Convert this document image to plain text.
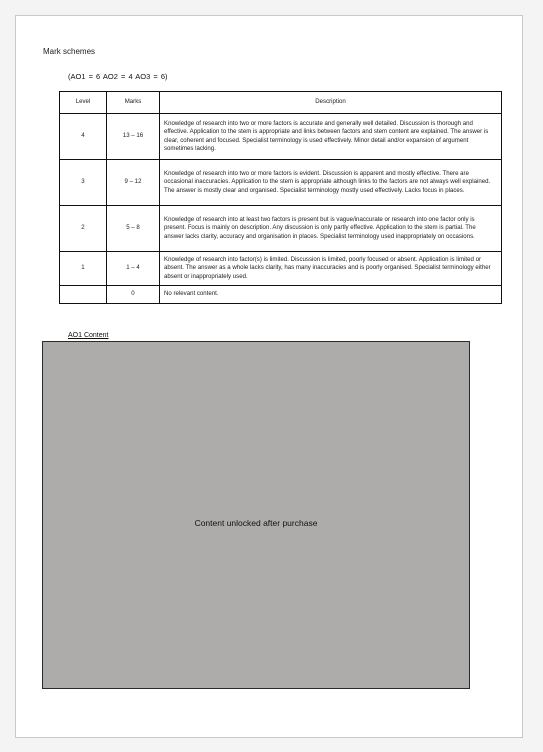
Mark schemes
(AO1 = 6 AO2 = 4 AO3 = 6)
Level	Marks	Description
4	13 – 16	Knowledge of research into two or more factors is accurate and generally well detailed. Discussion is thorough and effective. Application to the stem is appropriate and links between factors and stem content are explained. The answer is clear, coherent and focused. Specialist terminology is used effectively. Minor detail and/or expansion of argument sometimes lacking.
3	9 – 12	Knowledge of research into two or more factors is evident. Discussion is apparent and mostly effective. There are occasional inaccuracies. Application to the stem is appropriate although links to the factors are not always well explained. The answer is mostly clear and organised. Specialist terminology mostly used effectively. Lacks focus in places.
2	5 – 8	Knowledge of research into at least two factors is present but is vague/inaccurate or research into one factor only is present. Focus is mainly on description. Any discussion is only partly effective. Application to the stem is partial. The answer lacks clarity, accuracy and organisation in places. Specialist terminology used inappropriately on occasions.
1	1 – 4	Knowledge of research into factor(s) is limited. Discussion is limited, poorly focused or absent. Application is limited or absent. The answer as a whole lacks clarity, has many inaccuracies and is poorly organised. Specialist terminology either absent or inappropriately used.
	0	No relevant content.
AO1 Content
Content unlocked after purchase
